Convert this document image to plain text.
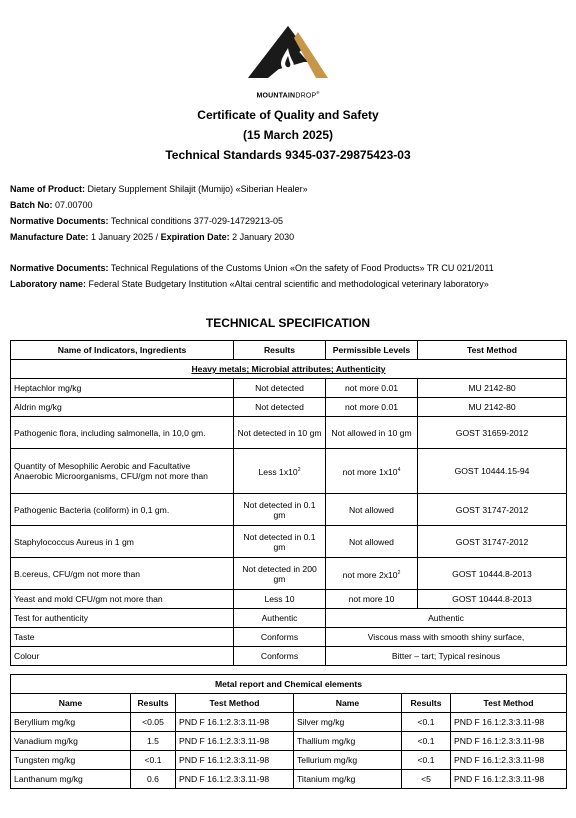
MOUNTAINDROP®
Certificate of Quality and Safety
(15 March 2025)
Technical Standards 9345-037-29875423-03
Name of Product: Dietary Supplement Shilajit (Mumijo) «Siberian Healer»
Batch No: 07.00700
Normative Documents: Technical conditions 377-029-14729213-05
Manufacture Date: 1 January 2025 / Expiration Date: 2 January 2030
Normative Documents: Technical Regulations of the Customs Union «On the safety of Food Products» TR CU 021/2011
Laboratory name: Federal State Budgetary Institution «Altai central scientific and methodological veterinary laboratory»
TECHNICAL SPECIFICATION
Name of Indicators, Ingredients	Results	Permissible Levels	Test Method
Heavy metals; Microbial attributes; Authenticity			
Heptachlor mg/kg	Not detected	not more 0.01	MU 2142-80
Aldrin mg/kg	Not detected	not more 0.01	MU 2142-80
Pathogenic flora, including salmonella, in 10,0 gm.	Not detected in 10 gm	Not allowed in 10 gm	GOST 31659-2012
Quantity of Mesophilic Aerobic and Facultative Anaerobic Microorganisms, CFU/gm not more than	Less $1x10^2$	not more $1x10^4$	GOST 10444.15-94
Pathogenic Bacteria (coliform) in 0,1 gm.	Not detected in 0.1 gm	Not allowed	GOST 31747-2012
Staphylococcus Aureus in 1 gm	Not detected in 0.1 gm	Not allowed	GOST 31747-2012
B.cereus, CFU/gm not more than	Not detected in 200 gm	not more $2x10^2$	GOST 10444.8-2013
Yeast and mold CFU/gm not more than	Less 10	not more 10	GOST 10444.8-2013
Test for authenticity	Authentic	Authentic	
Taste	Conforms	Viscous mass with smooth shiny surface,	
Colour	Conforms	Bitter – tart; Typical resinous	
Metal report and Chemical elements					
Name	Results	Test Method	Name	Results	Test Method
Beryllium mg/kg	<0.05	PND F 16.1:2.3:3.11-98	Silver mg/kg	<0.1	PND F 16.1:2.3:3.11-98
Vanadium mg/kg	1.5	PND F 16.1:2.3:3.11-98	Thallium mg/kg	<0.1	PND F 16.1:2.3:3.11-98
Tungsten mg/kg	<0.1	PND F 16.1:2.3:3.11-98	Tellurium mg/kg	<0.1	PND F 16.1:2.3:3.11-98
Lanthanum mg/kg	0.6	PND F 16.1:2.3:3.11-98	Titanium mg/kg	<5	PND F 16.1:2.3:3.11-98
